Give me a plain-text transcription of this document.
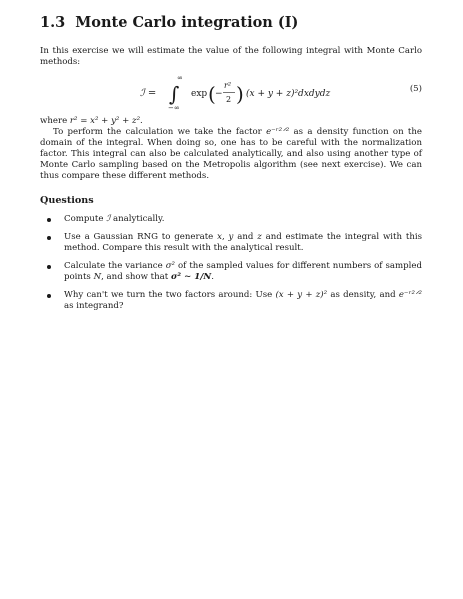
1.3 Monte Carlo integration (I)

In this exercise we will estimate the value of the following integral with Monte Carlo methods:

ℐ = ∫
∞
−∞
exp ( −
r²
2 ) (x + y + z)²dxdydz	(5)

where r² = x² + y² + z².

To perform the calculation we take the factor e⁻ʳ²ᐟ² as a density function on the domain of the integral. When doing so, one has to be careful with the normalization factor. This integral can also be calculated analytically, and also using another type of Monte Carlo sampling based on the Metropolis algorithm (see next exercise). We can thus compare these different methods.

Questions
Compute ℐ analytically.
Use a Gaussian RNG to generate x, y and z and estimate the integral with this method. Compare this result with the analytical result.
Calculate the variance σ² of the sampled values for different numbers of sampled points N, and show that σ² ∼ 1/N.
Why can't we turn the two factors around: Use (x + y + z)² as density, and e⁻ʳ²ᐟ² as integrand?
